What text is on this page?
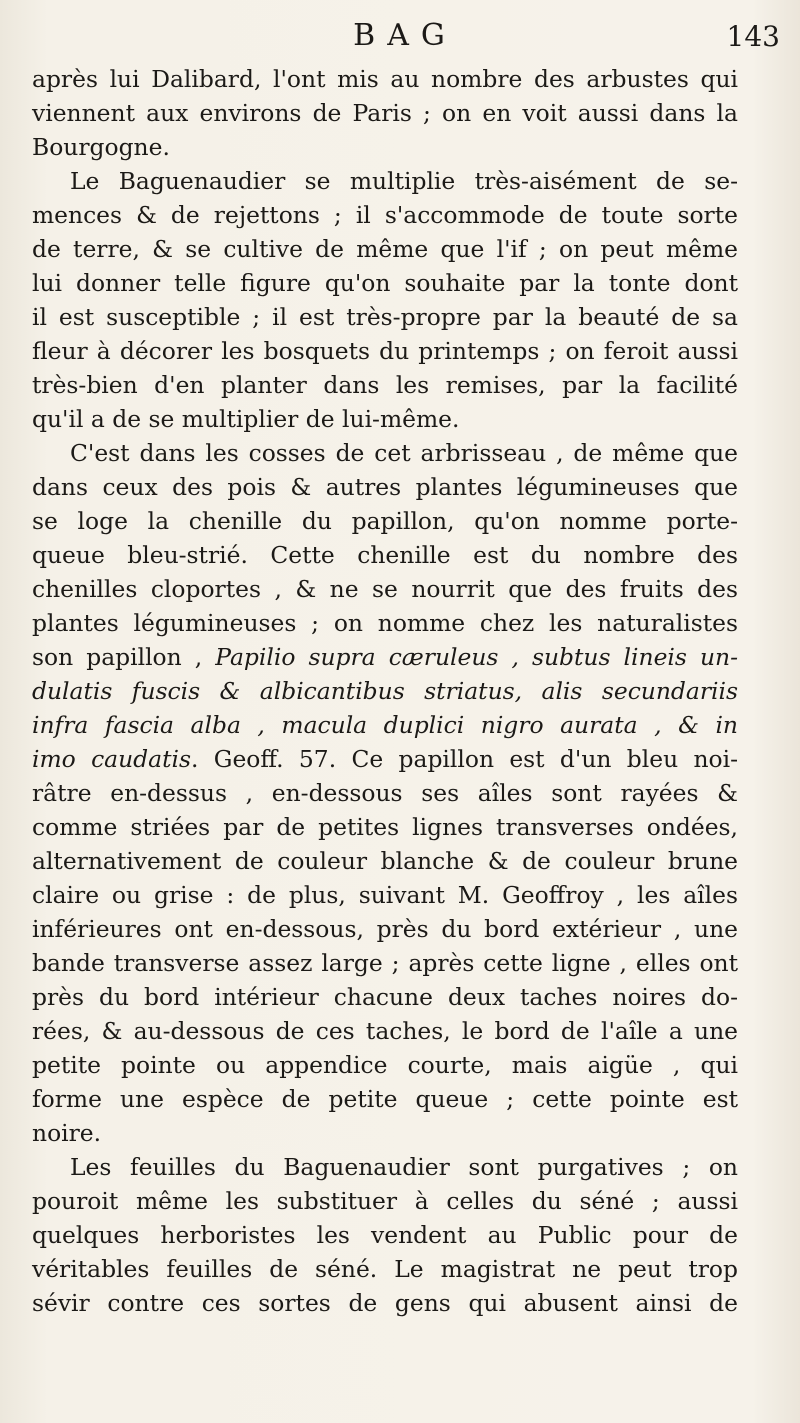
BAG	143
après lui Dalibard, l'ont mis au nombre des arbustes qui
viennent aux environs de Paris ; on en voit aussi dans la
Bourgogne.
Le Baguenaudier se multiplie très-aisément de se-
mences & de rejettons ; il s'accommode de toute sorte
de terre, & se cultive de même que l'if ; on peut même
lui donner telle figure qu'on souhaite par la tonte dont
il est susceptible ; il est très-propre par la beauté de sa
fleur à décorer les bosquets du printemps ; on feroit aussi
très-bien d'en planter dans les remises, par la facilité
qu'il a de se multiplier de lui-même.
C'est dans les cosses de cet arbrisseau , de même que
dans ceux des pois & autres plantes légumineuses que
se loge la chenille du papillon, qu'on nomme porte-
queue bleu-strié. Cette chenille est du nombre des
chenilles cloportes , & ne se nourrit que des fruits des
plantes légumineuses ; on nomme chez les naturalistes
son papillon , Papilio supra cæruleus , subtus lineis un-
dulatis fuscis & albicantibus striatus, alis secundariis
infra fascia alba , macula duplici nigro aurata , & in
imo caudatis. Geoff. 57. Ce papillon est d'un bleu noi-
râtre en-dessus , en-dessous ses aîles sont rayées &
comme striées par de petites lignes transverses ondées,
alternativement de couleur blanche & de couleur brune
claire ou grise : de plus, suivant M. Geoffroy , les aîles
inférieures ont en-dessous, près du bord extérieur , une
bande transverse assez large ; après cette ligne , elles ont
près du bord intérieur chacune deux taches noires do-
rées, & au-dessous de ces taches, le bord de l'aîle a une
petite pointe ou appendice courte, mais aigüe , qui
forme une espèce de petite queue ; cette pointe est
noire.
Les feuilles du Baguenaudier sont purgatives ; on
pouroit même les substituer à celles du séné ; aussi
quelques herboristes les vendent au Public pour de
véritables feuilles de séné. Le magistrat ne peut trop
sévir contre ces sortes de gens qui abusent ainsi de
